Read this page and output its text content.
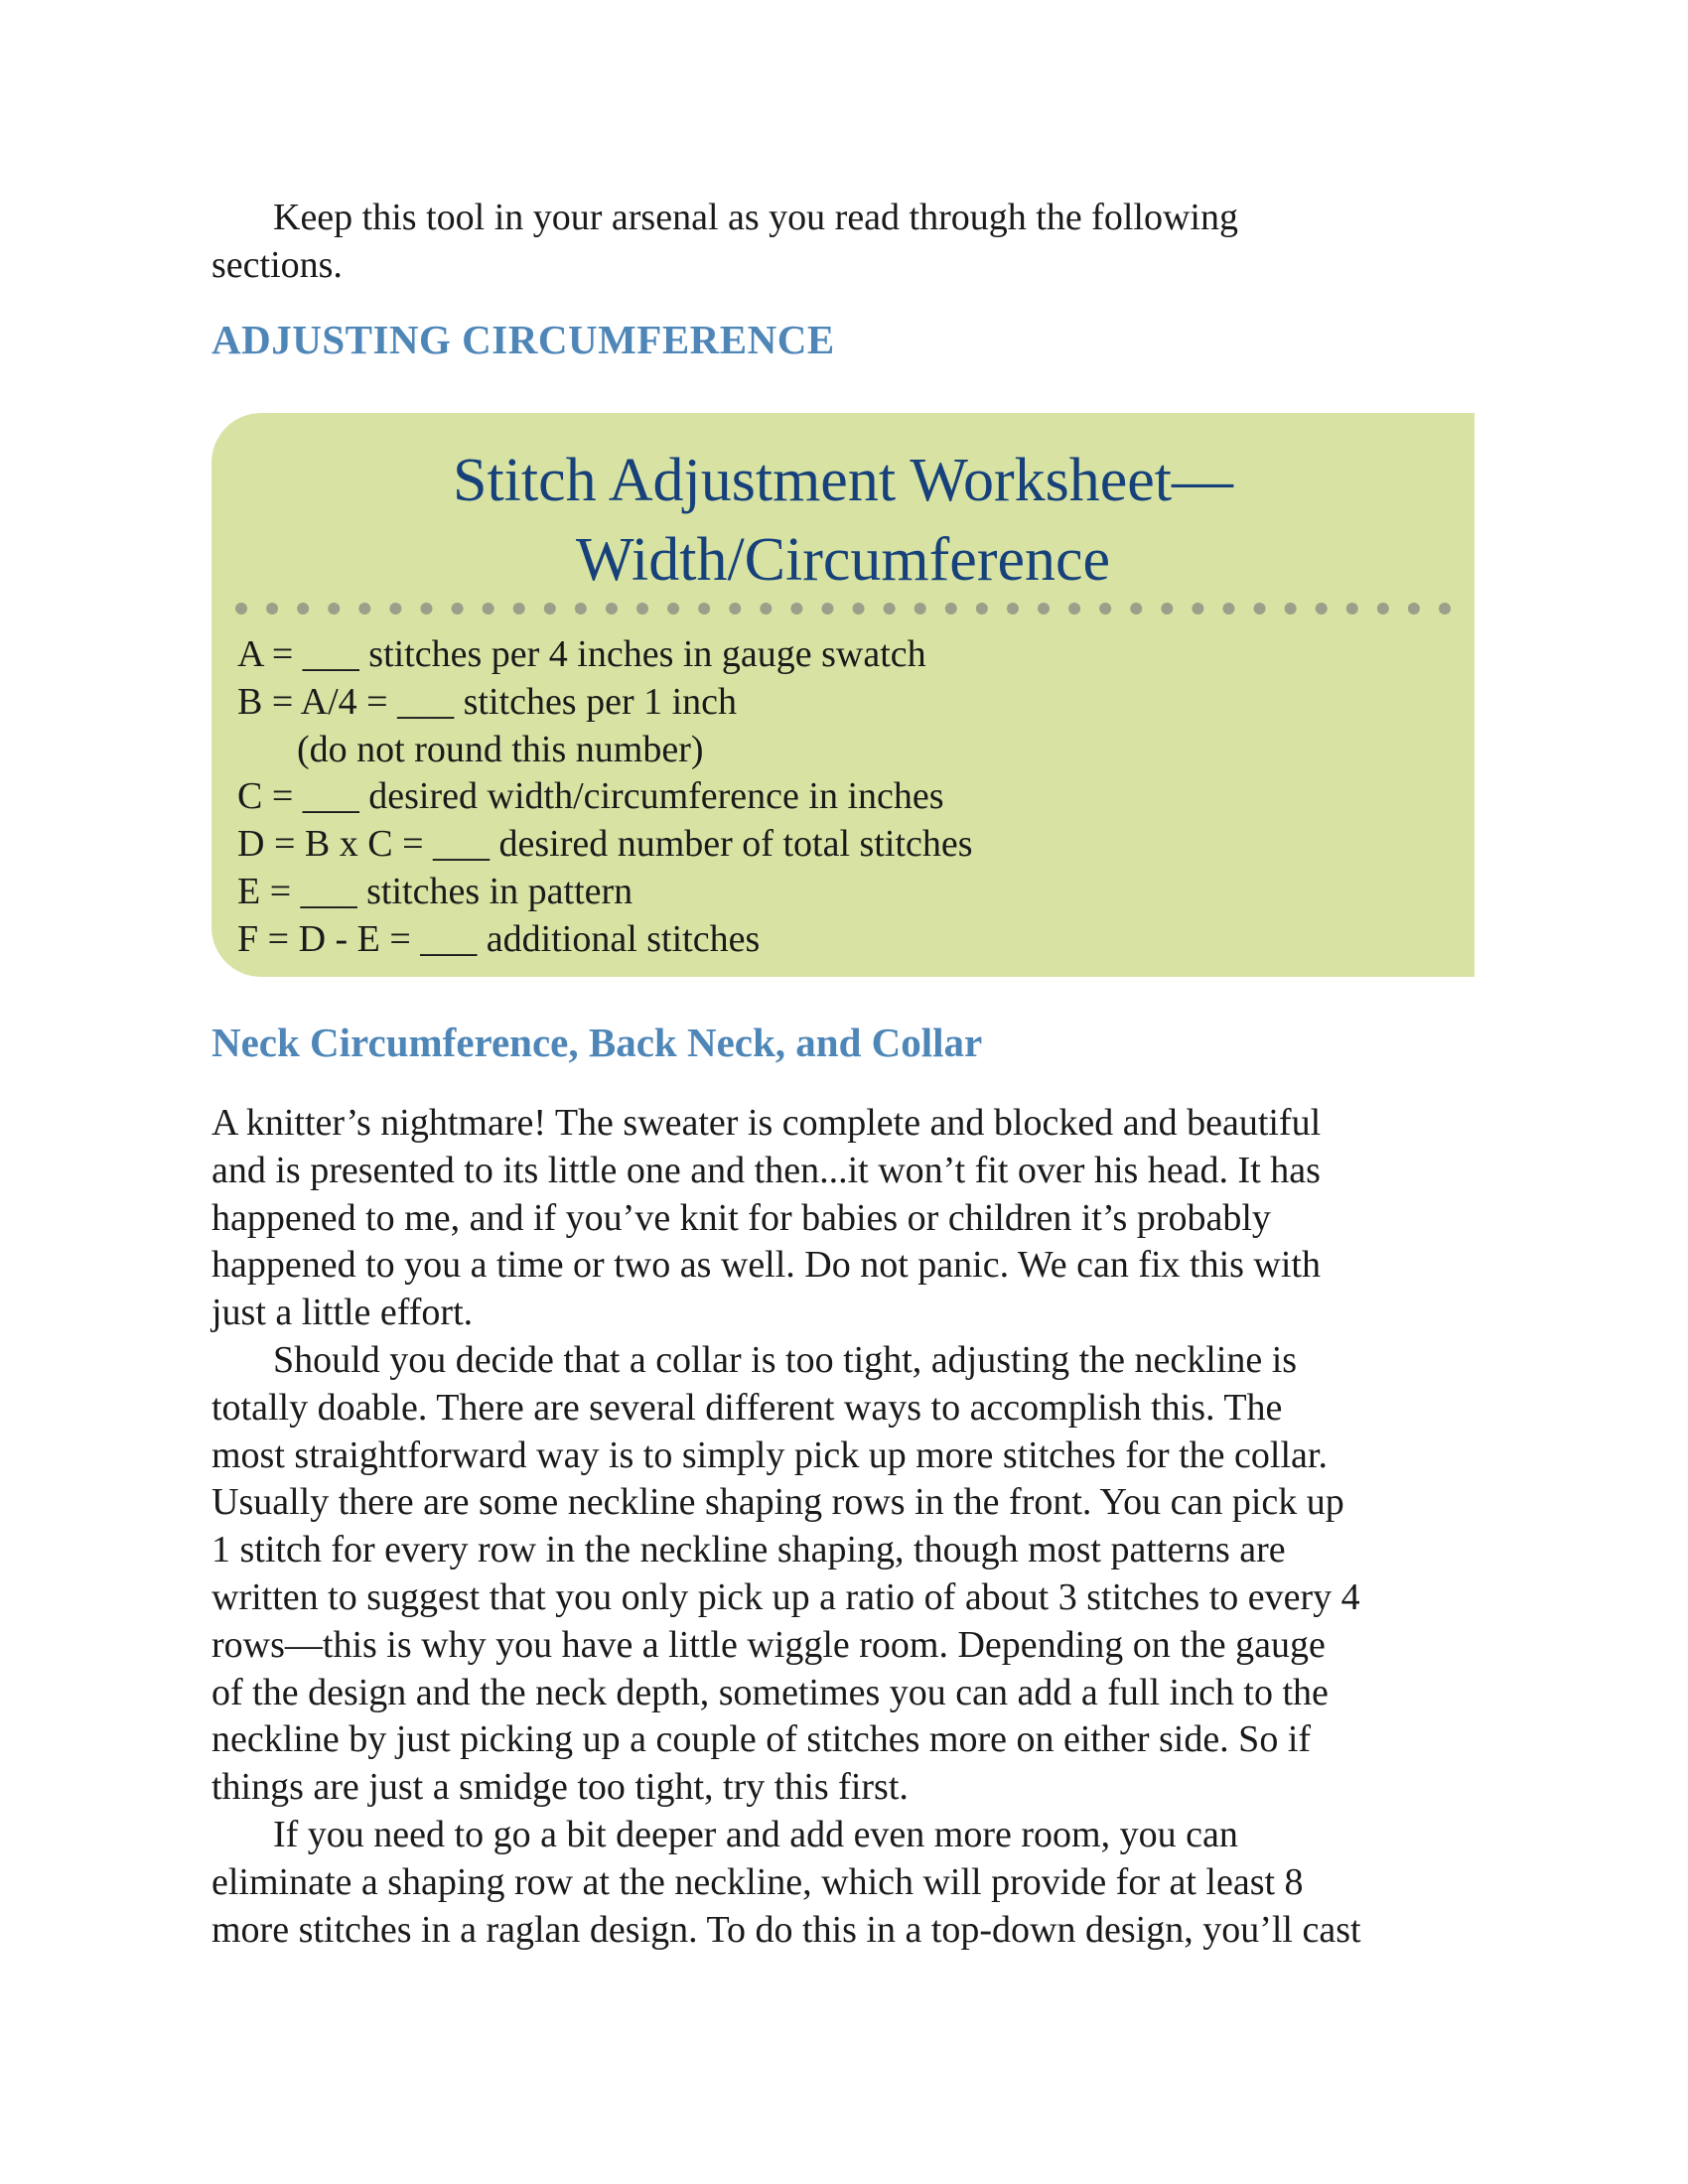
Keep this tool in your arsenal as you read through the following
sections.

ADJUSTING CIRCUMFERENCE
Stitch Adjustment Worksheet—
Width/Circumference
A = ___ stitches per 4 inches in gauge swatch
B = A/4 = ___ stitches per 1 inch
(do not round this number)
C = ___ desired width/circumference in inches
D = B x C = ___ desired number of total stitches
E = ___ stitches in pattern
F = D - E = ___ additional stitches
Neck Circumference, Back Neck, and Collar
A knitter’s nightmare! The sweater is complete and blocked and beautiful
and is presented to its little one and then...it won’t fit over his head. It has
happened to me, and if you’ve knit for babies or children it’s probably
happened to you a time or two as well. Do not panic. We can fix this with
just a little effort.
Should you decide that a collar is too tight, adjusting the neckline is
totally doable. There are several different ways to accomplish this. The
most straightforward way is to simply pick up more stitches for the collar.
Usually there are some neckline shaping rows in the front. You can pick up
1 stitch for every row in the neckline shaping, though most patterns are
written to suggest that you only pick up a ratio of about 3 stitches to every 4
rows—this is why you have a little wiggle room. Depending on the gauge
of the design and the neck depth, sometimes you can add a full inch to the
neckline by just picking up a couple of stitches more on either side. So if
things are just a smidge too tight, try this first.
If you need to go a bit deeper and add even more room, you can
eliminate a shaping row at the neckline, which will provide for at least 8
more stitches in a raglan design. To do this in a top-down design, you’ll cast
